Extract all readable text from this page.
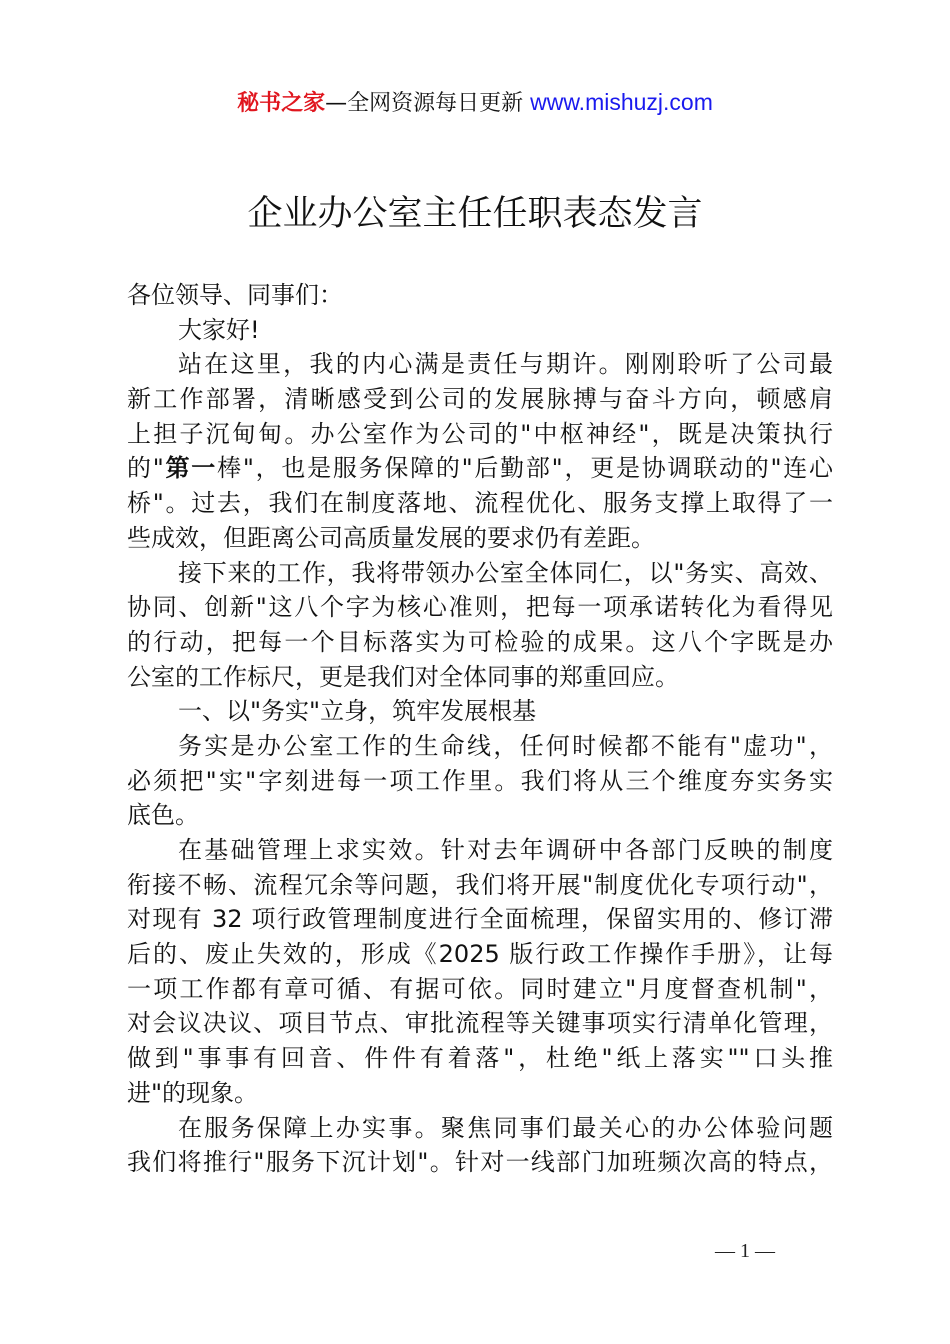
秘书之家—全网资源每日更新 www.mishuzj.com
企业办公室主任任职表态发言
各位领导、同事们：
大家好!
站在这里，我的内心满是责任与期许。刚刚聆听了公司最
新工作部署，清晰感受到公司的发展脉搏与奋斗方向，顿感肩
上担子沉甸甸。办公室作为公司的"中枢神经"，既是决策执行
的"第一棒"，也是服务保障的"后勤部"，更是协调联动的"连心
桥"。过去，我们在制度落地、流程优化、服务支撑上取得了一
些成效，但距离公司高质量发展的要求仍有差距。
接下来的工作，我将带领办公室全体同仁，以"务实、高效、
协同、创新"这八个字为核心准则，把每一项承诺转化为看得见
的行动，把每一个目标落实为可检验的成果。这八个字既是办
公室的工作标尺，更是我们对全体同事的郑重回应。
一、以"务实"立身，筑牢发展根基
务实是办公室工作的生命线，任何时候都不能有"虚功"，
必须把"实"字刻进每一项工作里。我们将从三个维度夯实务实
底色。
在基础管理上求实效。针对去年调研中各部门反映的制度
衔接不畅、流程冗余等问题，我们将开展"制度优化专项行动"，
对现有 32 项行政管理制度进行全面梳理，保留实用的、修订滞
后的、废止失效的，形成《2025 版行政工作操作手册》，让每
一项工作都有章可循、有据可依。同时建立"月度督查机制"，
对会议决议、项目节点、审批流程等关键事项实行清单化管理，
做到"事事有回音、件件有着落"，杜绝"纸上落实""口头推
进"的现象。
在服务保障上办实事。聚焦同事们最关心的办公体验问题
我们将推行"服务下沉计划"。针对一线部门加班频次高的特点，
— 1 —
